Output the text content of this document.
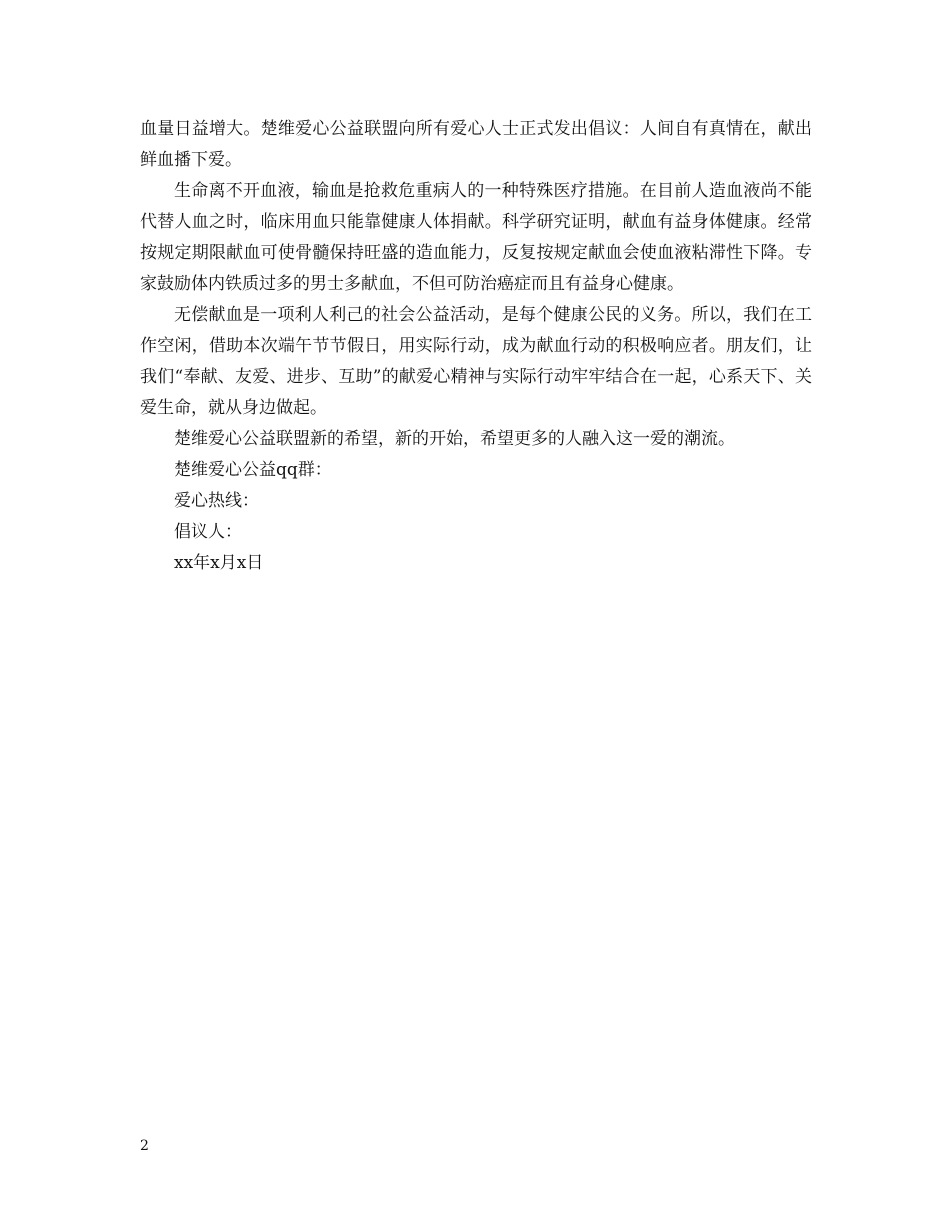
血量日益增大。楚维爱心公益联盟向所有爱心人士正式发出倡议：人间自有真情在，献出鲜血播下爱。

生命离不开血液，输血是抢救危重病人的一种特殊医疗措施。在目前人造血液尚不能代替人血之时，临床用血只能靠健康人体捐献。科学研究证明，献血有益身体健康。经常按规定期限献血可使骨髓保持旺盛的造血能力，反复按规定献血会使血液粘滞性下降。专家鼓励体内铁质过多的男士多献血，不但可防治癌症而且有益身心健康。

无偿献血是一项利人利己的社会公益活动，是每个健康公民的义务。所以，我们在工作空闲，借助本次端午节节假日，用实际行动，成为献血行动的积极响应者。朋友们，让我们“奉献、友爱、进步、互助”的献爱心精神与实际行动牢牢结合在一起，心系天下、关爱生命，就从身边做起。

楚维爱心公益联盟新的希望，新的开始，希望更多的人融入这一爱的潮流。

楚维爱心公益qq群：

爱心热线：

倡议人：

xx年x月x日

2
